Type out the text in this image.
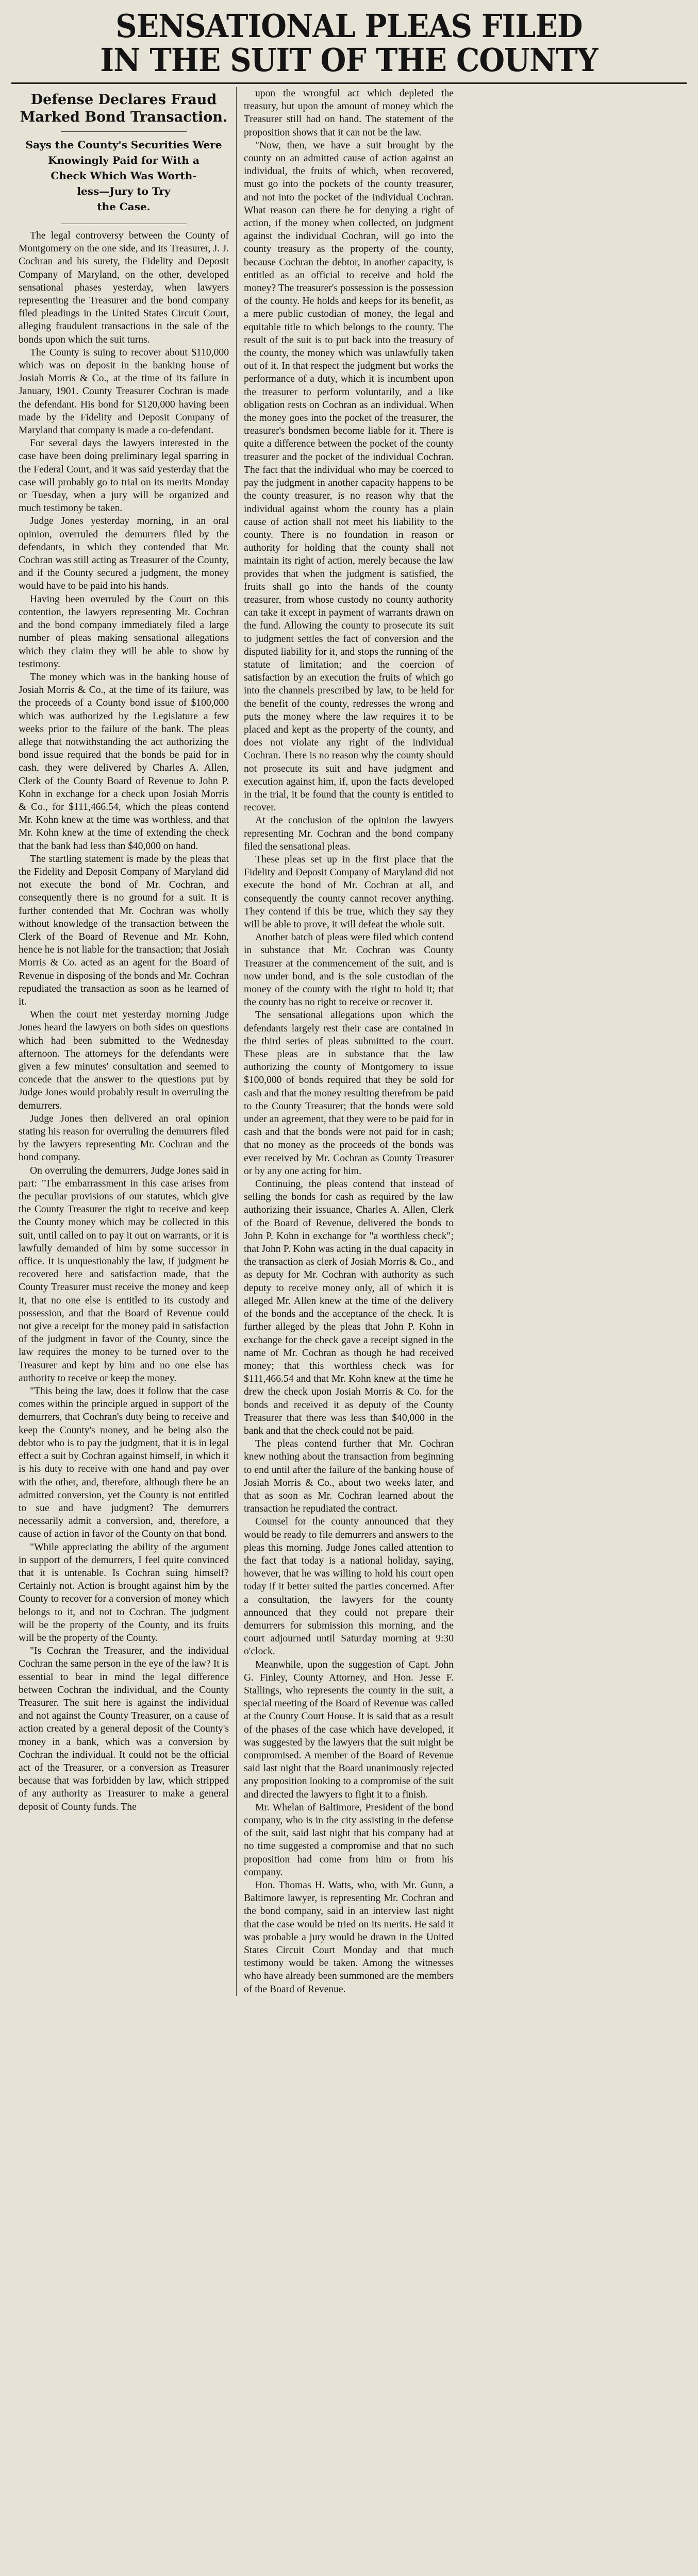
SENSATIONAL PLEAS FILED
IN THE SUIT OF THE COUNTY
Defense Declares Fraud Marked Bond Transaction.
Says the County's Securities Were
Knowingly Paid for With a
Check Which Was Worth-
less—Jury to Try
the Case.

The legal controversy between the County of Montgomery on the one side, and its Treasurer, J. J. Cochran and his surety, the Fidelity and Deposit Company of Maryland, on the other, developed sensational phases yesterday, when lawyers representing the Treasurer and the bond company filed pleadings in the United States Circuit Court, alleging fraudulent transactions in the sale of the bonds upon which the suit turns.

The County is suing to recover about $110,000 which was on deposit in the banking house of Josiah Morris & Co., at the time of its failure in January, 1901. County Treasurer Cochran is made the defendant. His bond for $120,000 having been made by the Fidelity and Deposit Company of Maryland that company is made a co-defendant.

For several days the lawyers interested in the case have been doing preliminary legal sparring in the Federal Court, and it was said yesterday that the case will probably go to trial on its merits Monday or Tuesday, when a jury will be organized and much testimony be taken.

Judge Jones yesterday morning, in an oral opinion, overruled the demurrers filed by the defendants, in which they contended that Mr. Cochran was still acting as Treasurer of the County, and if the County secured a judgment, the money would have to be paid into his hands.

Having been overruled by the Court on this contention, the lawyers representing Mr. Cochran and the bond company immediately filed a large number of pleas making sensational allegations which they claim they will be able to show by testimony.

The money which was in the banking house of Josiah Morris & Co., at the time of its failure, was the proceeds of a County bond issue of $100,000 which was authorized by the Legislature a few weeks prior to the failure of the bank. The pleas allege that notwithstanding the act authorizing the bond issue required that the bonds be paid for in cash, they were delivered by Charles A. Allen, Clerk of the County Board of Revenue to John P. Kohn in exchange for a check upon Josiah Morris & Co., for $111,466.54, which the pleas contend Mr. Kohn knew at the time was worthless, and that Mr. Kohn knew at the time of extending the check that the bank had less than $40,000 on hand.

The startling statement is made by the pleas that the Fidelity and Deposit Company of Maryland did not execute the bond of Mr. Cochran, and consequently there is no ground for a suit. It is further contended that Mr. Cochran was wholly without knowledge of the transaction between the Clerk of the Board of Revenue and Mr. Kohn, hence he is not liable for the transaction; that Josiah Morris & Co. acted as an agent for the Board of Revenue in disposing of the bonds and Mr. Cochran repudiated the transaction as soon as he learned of it.

When the court met yesterday morning Judge Jones heard the lawyers on both sides on questions which had been submitted to the Wednesday afternoon. The attorneys for the defendants were given a few minutes' consultation and seemed to concede that the answer to the questions put by Judge Jones would probably result in overruling the demurrers.

Judge Jones then delivered an oral opinion stating his reason for overruling the demurrers filed by the lawyers representing Mr. Cochran and the bond company.

On overruling the demurrers, Judge Jones said in part: "The embarrassment in this case arises from the peculiar provisions of our statutes, which give the County Treasurer the right to receive and keep the County money which may be collected in this suit, until called on to pay it out on warrants, or it is lawfully demanded of him by some successor in office. It is unquestionably the law, if judgment be recovered here and satisfaction made, that the County Treasurer must receive the money and keep it, that no one else is entitled to its custody and possession, and that the Board of Revenue could not give a receipt for the money paid in satisfaction of the judgment in favor of the County, since the law requires the money to be turned over to the Treasurer and kept by him and no one else has authority to receive or keep the money.

"This being the law, does it follow that the case comes within the principle argued in support of the demurrers, that Cochran's duty being to receive and keep the County's money, and he being also the debtor who is to pay the judgment, that it is in legal effect a suit by Cochran against himself, in which it is his duty to receive with one hand and pay over with the other, and, therefore, although there be an admitted conversion, yet the County is not entitled to sue and have judgment? The demurrers necessarily admit a conversion, and, therefore, a cause of action in favor of the County on that bond.

"While appreciating the ability of the argument in support of the demurrers, I feel quite convinced that it is untenable. Is Cochran suing himself? Certainly not. Action is brought against him by the County to recover for a conversion of money which belongs to it, and not to Cochran. The judgment will be the property of the County, and its fruits will be the property of the County.

"Is Cochran the Treasurer, and the individual Cochran the same person in the eye of the law? It is essential to bear in mind the legal difference between Cochran the individual, and the County Treasurer. The suit here is against the individual and not against the County Treasurer, on a cause of action created by a general deposit of the County's money in a bank, which was a conversion by Cochran the individual. It could not be the official act of the Treasurer, or a conversion as Treasurer because that was forbidden by law, which stripped of any authority as Treasurer to make a general deposit of County funds. The

upon the wrongful act which depleted the treasury, but upon the amount of money which the Treasurer still had on hand. The statement of the proposition shows that it can not be the law.

"Now, then, we have a suit brought by the county on an admitted cause of action against an individual, the fruits of which, when recovered, must go into the pockets of the county treasurer, and not into the pocket of the individual Cochran. What reason can there be for denying a right of action, if the money when collected, on judgment against the individual Cochran, will go into the county treasury as the property of the county, because Cochran the debtor, in another capacity, is entitled as an official to receive and hold the money? The treasurer's possession is the possession of the county. He holds and keeps for its benefit, as a mere public custodian of money, the legal and equitable title to which belongs to the county. The result of the suit is to put back into the treasury of the county, the money which was unlawfully taken out of it. In that respect the judgment but works the performance of a duty, which it is incumbent upon the treasurer to perform voluntarily, and a like obligation rests on Cochran as an individual. When the money goes into the pocket of the treasurer, the treasurer's bondsmen become liable for it. There is quite a difference between the pocket of the county treasurer and the pocket of the individual Cochran. The fact that the individual who may be coerced to pay the judgment in another capacity happens to be the county treasurer, is no reason why that the individual against whom the county has a plain cause of action shall not meet his liability to the county. There is no foundation in reason or authority for holding that the county shall not maintain its right of action, merely because the law provides that when the judgment is satisfied, the fruits shall go into the hands of the county treasurer, from whose custody no county authority can take it except in payment of warrants drawn on the fund. Allowing the county to prosecute its suit to judgment settles the fact of conversion and the disputed liability for it, and stops the running of the statute of limitation; and the coercion of satisfaction by an execution the fruits of which go into the channels prescribed by law, to be held for the benefit of the county, redresses the wrong and puts the money where the law requires it to be placed and kept as the property of the county, and does not violate any right of the individual Cochran. There is no reason why the county should not prosecute its suit and have judgment and execution against him, if, upon the facts developed in the trial, it be found that the county is entitled to recover.

At the conclusion of the opinion the lawyers representing Mr. Cochran and the bond company filed the sensational pleas.

These pleas set up in the first place that the Fidelity and Deposit Company of Maryland did not execute the bond of Mr. Cochran at all, and consequently the county cannot recover anything. They contend if this be true, which they say they will be able to prove, it will defeat the whole suit.

Another batch of pleas were filed which contend in substance that Mr. Cochran was County Treasurer at the commencement of the suit, and is now under bond, and is the sole custodian of the money of the county with the right to hold it; that the county has no right to receive or recover it.

The sensational allegations upon which the defendants largely rest their case are contained in the third series of pleas submitted to the court. These pleas are in substance that the law authorizing the county of Montgomery to issue $100,000 of bonds required that they be sold for cash and that the money resulting therefrom be paid to the County Treasurer; that the bonds were sold under an agreement, that they were to be paid for in cash and that the bonds were not paid for in cash; that no money as the proceeds of the bonds was ever received by Mr. Cochran as County Treasurer or by any one acting for him.

Continuing, the pleas contend that instead of selling the bonds for cash as required by the law authorizing their issuance, Charles A. Allen, Clerk of the Board of Revenue, delivered the bonds to John P. Kohn in exchange for "a worthless check"; that John P. Kohn was acting in the dual capacity in the transaction as clerk of Josiah Morris & Co., and as deputy for Mr. Cochran with authority as such deputy to receive money only, all of which it is alleged Mr. Allen knew at the time of the delivery of the bonds and the acceptance of the check. It is further alleged by the pleas that John P. Kohn in exchange for the check gave a receipt signed in the name of Mr. Cochran as though he had received money; that this worthless check was for $111,466.54 and that Mr. Kohn knew at the time he drew the check upon Josiah Morris & Co. for the bonds and received it as deputy of the County Treasurer that there was less than $40,000 in the bank and that the check could not be paid.

The pleas contend further that Mr. Cochran knew nothing about the transaction from beginning to end until after the failure of the banking house of Josiah Morris & Co., about two weeks later, and that as soon as Mr. Cochran learned about the transaction he repudiated the contract.

Counsel for the county announced that they would be ready to file demurrers and answers to the pleas this morning. Judge Jones called attention to the fact that today is a national holiday, saying, however, that he was willing to hold his court open today if it better suited the parties concerned. After a consultation, the lawyers for the county announced that they could not prepare their demurrers for submission this morning, and the court adjourned until Saturday morning at 9:30 o'clock.

Meanwhile, upon the suggestion of Capt. John G. Finley, County Attorney, and Hon. Jesse F. Stallings, who represents the county in the suit, a special meeting of the Board of Revenue was called at the County Court House. It is said that as a result of the phases of the case which have developed, it was suggested by the lawyers that the suit might be compromised. A member of the Board of Revenue said last night that the Board unanimously rejected any proposition looking to a compromise of the suit and directed the lawyers to fight it to a finish.

Mr. Whelan of Baltimore, President of the bond company, who is in the city assisting in the defense of the suit, said last night that his company had at no time suggested a compromise and that no such proposition had come from him or from his company.

Hon. Thomas H. Watts, who, with Mr. Gunn, a Baltimore lawyer, is representing Mr. Cochran and the bond company, said in an interview last night that the case would be tried on its merits. He said it was probable a jury would be drawn in the United States Circuit Court Monday and that much testimony would be taken. Among the witnesses who have already been summoned are the members of the Board of Revenue.
